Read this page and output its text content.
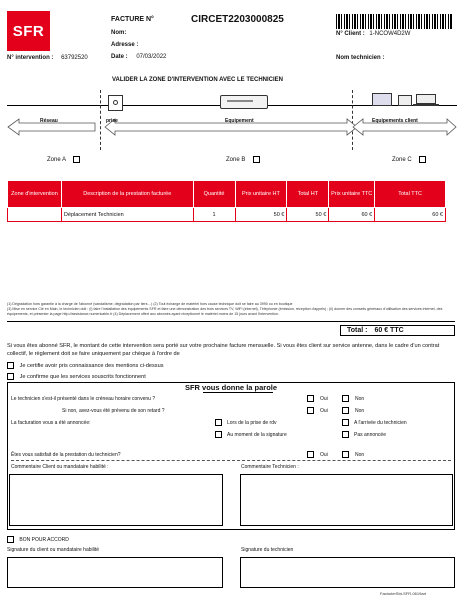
SFR
FACTURE N°	CIRCET2203000825
Nom:
Adresse :
Date : 07/03/2022
N° Client : 1-NCOW4D2W
N° intervention : 63792520	Nom technicien :
VALIDER LA ZONE D'INTERVENTION AVEC LE TECHNICIEN
Réseau	prise	Equipement	Equipements client
Zone A	Zone B	Zone C
Zone d'intervention	Description de la prestation facturée	Quantité	Prix unitaire HT	Total HT	Prix unitaire TTC	Total TTC
	Déplacement Technicien	1	50 €	50 €	60 €	60 €
(1) Dégradation hors garantie à la charge de l'abonné (vandalisme, dégradation par tiers…) (2) Tout échange de matériel hors cause technique doit se faire au 3990 ou en boutique
(3) Mise en service Clé en Main, le technicien doit : (i) faire l'installation des équipements SFR et faire une démonstration des trois services TV, WiFi (internet), Téléphonie (émission, réception d'appels) ; (ii) donner des conseils généraux d'utilisation des services internet, des équipements, et présenter la page http://assistance.numericable.fr (4) Déplacement offert aux abonnés ayant réceptionné le matériel moins de 15 jours avant l'intervention.
Total : 60 € TTC
Si vous êtes abonné SFR, le montant de cette intervention sera porté sur votre prochaine facture mensuelle. Si vous êtes client sur service antenne, dans le cadre d'un contrat collectif, le règlement doit se faire uniquement par chèque à l'ordre de
Je certifie avoir pris connaissance des mentions ci-dessus
Je confirme que les services souscrits fonctionnent
SFR vous donne la parole
Le technicien s'est-il présenté dans le créneau horaire convenu ?
Si non, avez-vous été prévenu de son retard ?
La facturation vous a été annoncée:
Êtes vous satisfait de la prestation du technicien?
Oui	Non
Oui	Non
Lors de la prise de rdv
Au moment de la signature
A l'arrivée du technicien
Pas annoncée
Oui	Non
Commentaire Client ou mandataire habilité :	Commentaire Technicien :
BON POUR ACCORD
Signature du client ou mandataire habilité	Signature du technicien
FacturierSbt-SFR-0619art
